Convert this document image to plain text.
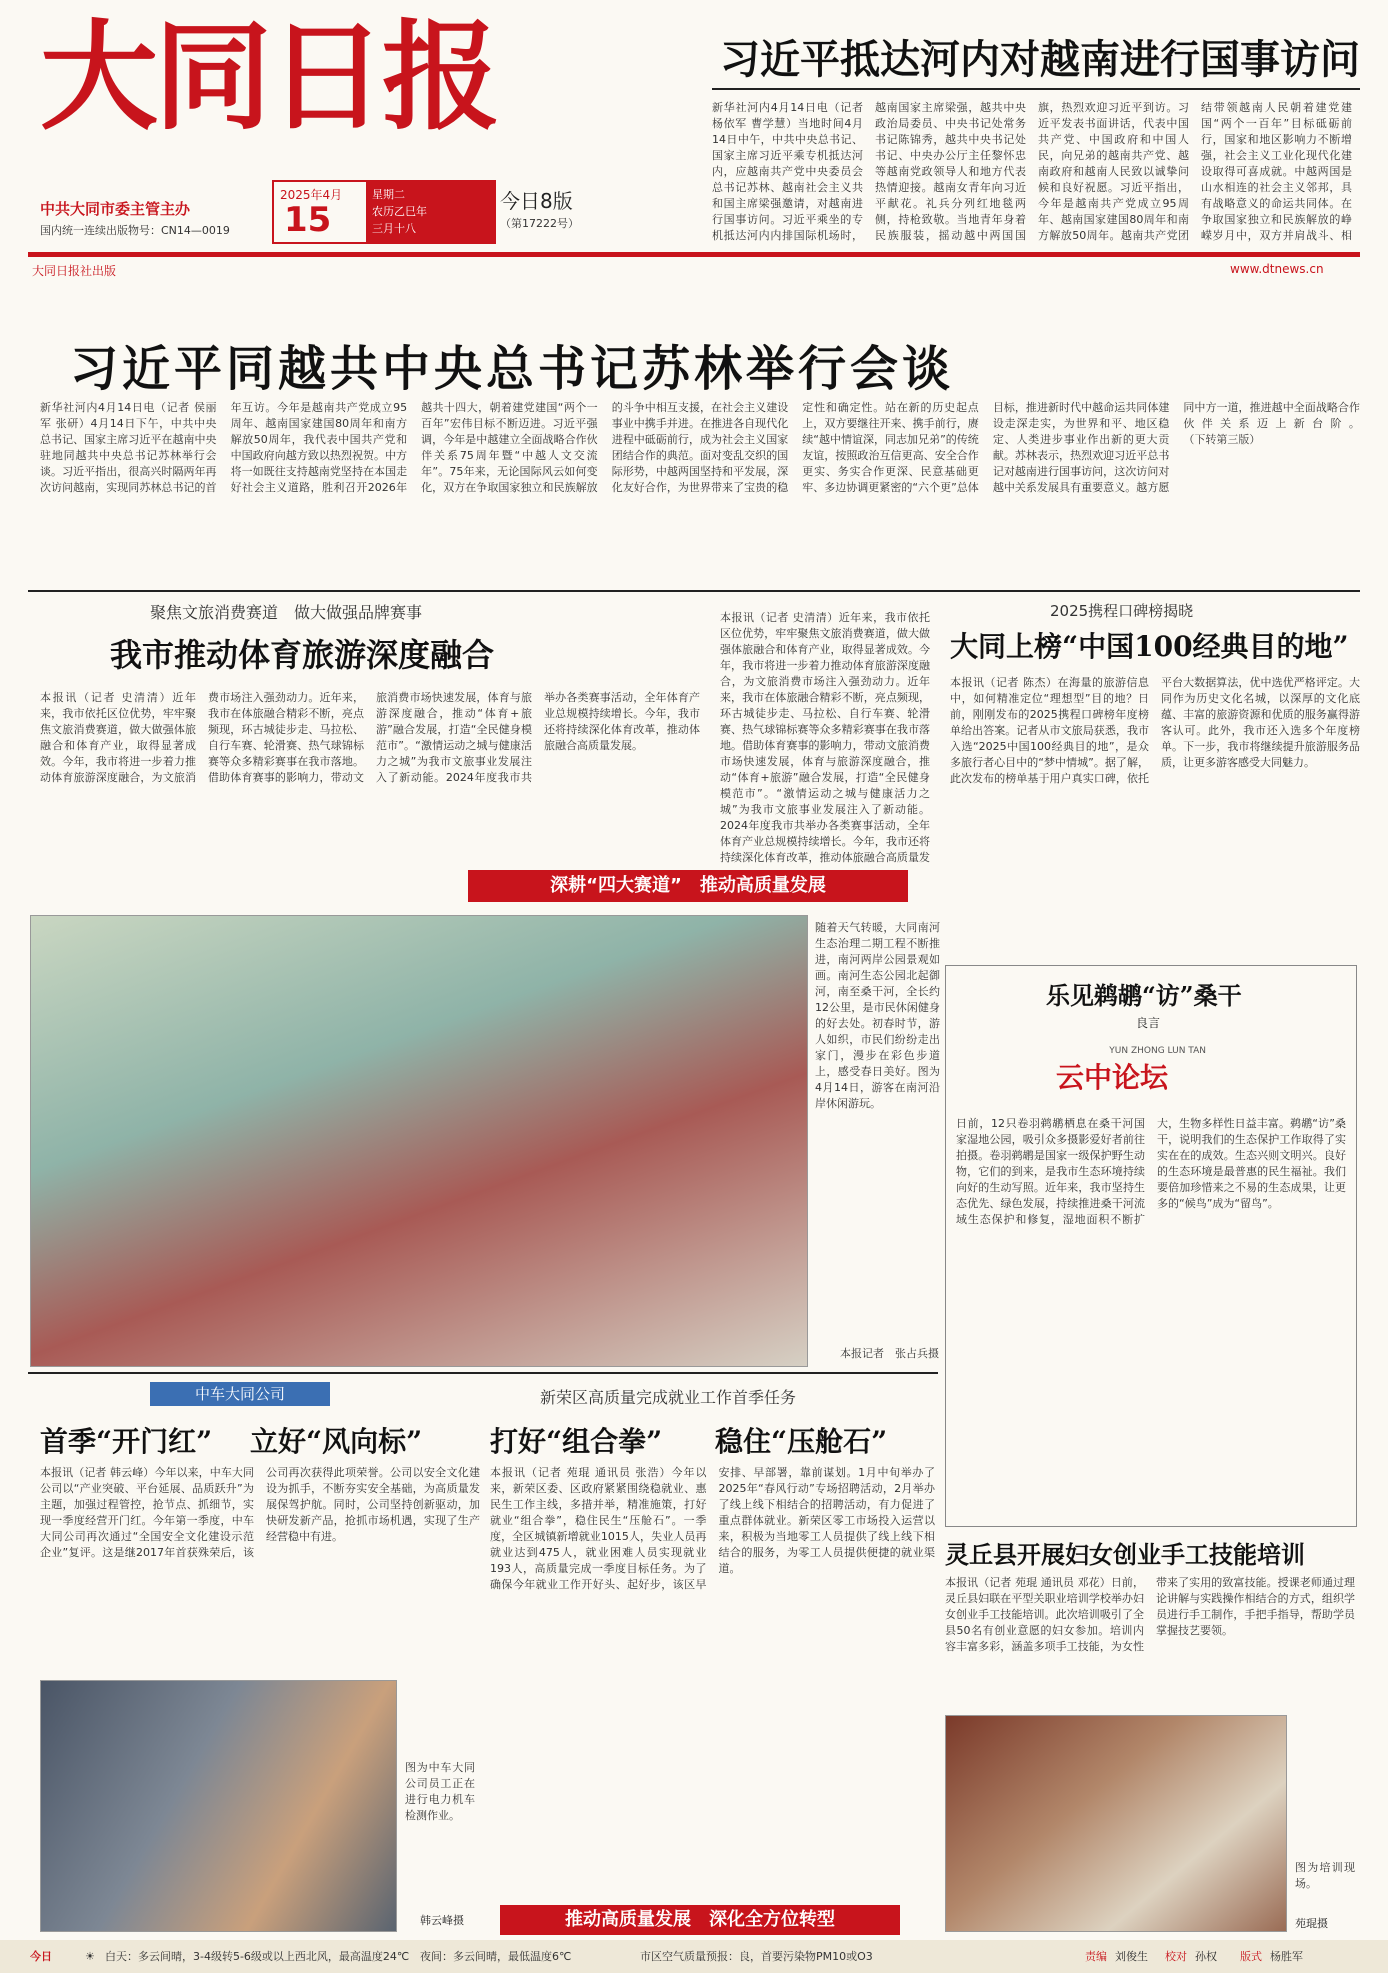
大同日报
中共大同市委主管主办
国内统一连续出版物号：CN14—0019
2025年4月
15
星期二
农历乙巳年
三月十八
今日8版
（第17222号）
习近平抵达河内对越南进行国事访问
新华社河内4月14日电（记者 杨依军 曹学慧）当地时间4月14日中午，中共中央总书记、国家主席习近平乘专机抵达河内，应越南共产党中央委员会总书记苏林、越南社会主义共和国主席梁强邀请，对越南进行国事访问。习近平乘坐的专机抵达河内内排国际机场时，越南国家主席梁强，越共中央政治局委员、中央书记处常务书记陈锦秀，越共中央书记处书记、中央办公厅主任黎怀忠等越南党政领导人和地方代表热情迎接。越南女青年向习近平献花。礼兵分列红地毯两侧，持枪致敬。当地青年身着民族服装，摇动越中两国国旗，热烈欢迎习近平到访。习近平发表书面讲话，代表中国共产党、中国政府和中国人民，向兄弟的越南共产党、越南政府和越南人民致以诚挚问候和良好祝愿。习近平指出，今年是越南共产党成立95周年、越南国家建国80周年和南方解放50周年。越南共产党团结带领越南人民朝着建党建国“两个一百年”目标砥砺前行，国家和地区影响力不断增强，社会主义工业化现代化建设取得可喜成就。中越两国是山水相连的社会主义邻邦，具有战略意义的命运共同体。在争取国家独立和民族解放的峥嵘岁月中，双方并肩战斗、相
大同日报社出版	www.dtnews.cn
习近平同越共中央总书记苏林举行会谈
新华社河内4月14日电（记者 侯丽军 张研）4月14日下午，中共中央总书记、国家主席习近平在越南中央驻地同越共中央总书记苏林举行会谈。习近平指出，很高兴时隔两年再次访问越南，实现同苏林总书记的首年互访。今年是越南共产党成立95周年、越南国家建国80周年和南方解放50周年，我代表中国共产党和中国政府向越方致以热烈祝贺。中方将一如既往支持越南党坚持在本国走好社会主义道路，胜利召开2026年越共十四大，朝着建党建国“两个一百年”宏伟目标不断迈进。习近平强调，今年是中越建立全面战略合作伙伴关系75周年暨“中越人文交流年”。75年来，无论国际风云如何变化，双方在争取国家独立和民族解放的斗争中相互支援，在社会主义建设事业中携手并进。在推进各自现代化进程中砥砺前行，成为社会主义国家团结合作的典范。面对变乱交织的国际形势，中越两国坚持和平发展，深化友好合作，为世界带来了宝贵的稳定性和确定性。站在新的历史起点上，双方要继往开来、携手前行，赓续“越中情谊深，同志加兄弟”的传统友谊，按照政治互信更高、安全合作更实、务实合作更深、民意基础更牢、多边协调更紧密的“六个更”总体目标，推进新时代中越命运共同体建设走深走实，为世界和平、地区稳定、人类进步事业作出新的更大贡献。苏林表示，热烈欢迎习近平总书记对越南进行国事访问，这次访问对越中关系发展具有重要意义。越方愿同中方一道，推进越中全面战略合作伙伴关系迈上新台阶。（下转第三版）
聚焦文旅消费赛道　做大做强品牌赛事
我市推动体育旅游深度融合
本报讯（记者 史清清）近年来，我市依托区位优势，牢牢聚焦文旅消费赛道，做大做强体旅融合和体育产业，取得显著成效。今年，我市将进一步着力推动体育旅游深度融合，为文旅消费市场注入强劲动力。近年来，我市在体旅融合精彩不断，亮点频现，环古城徒步走、马拉松、自行车赛、轮滑赛、热气球锦标赛等众多精彩赛事在我市落地。借助体育赛事的影响力，带动文旅消费市场快速发展，体育与旅游深度融合，推动“体育+旅游”融合发展，打造“全民健身模范市”。“激情运动之城与健康活力之城”为我市文旅事业发展注入了新动能。2024年度我市共举办各类赛事活动，全年体育产业总规模持续增长。今年，我市还将持续深化体育改革，推动体旅融合高质量发展。
深耕“四大赛道”　推动高质量发展
本报讯（记者 史清清）近年来，我市依托区位优势，牢牢聚焦文旅消费赛道，做大做强体旅融合和体育产业，取得显著成效。今年，我市将进一步着力推动体育旅游深度融合，为文旅消费市场注入强劲动力。近年来，我市在体旅融合精彩不断，亮点频现，环古城徒步走、马拉松、自行车赛、轮滑赛、热气球锦标赛等众多精彩赛事在我市落地。借助体育赛事的影响力，带动文旅消费市场快速发展，体育与旅游深度融合，推动“体育+旅游”融合发展，打造“全民健身模范市”。“激情运动之城与健康活力之城”为我市文旅事业发展注入了新动能。2024年度我市共举办各类赛事活动，全年体育产业总规模持续增长。今年，我市还将持续深化体育改革，推动体旅融合高质量发
2025携程口碑榜揭晓
大同上榜“中国100经典目的地”
本报讯（记者 陈杰）在海量的旅游信息中，如何精准定位“理想型”目的地？日前，刚刚发布的2025携程口碑榜年度榜单给出答案。记者从市文旅局获悉，我市入选“2025中国100经典目的地”，是众多旅行者心目中的“梦中情城”。据了解，此次发布的榜单基于用户真实口碑，依托平台大数据算法，优中选优严格评定。大同作为历史文化名城，以深厚的文化底蕴、丰富的旅游资源和优质的服务赢得游客认可。此外，我市还入选多个年度榜单。下一步，我市将继续提升旅游服务品质，让更多游客感受大同魅力。
随着天气转暖，大同南河生态治理二期工程不断推进，南河两岸公园景观如画。南河生态公园北起御河，南至桑干河，全长约12公里，是市民休闲健身的好去处。初春时节，游人如织，市民们纷纷走出家门，漫步在彩色步道上，感受春日美好。图为4月14日，游客在南河沿岸休闲游玩。
本报记者　张占兵摄
乐见鹈鹕“访”桑干
良言
YUN ZHONG LUN TAN
云中论坛
日前，12只卷羽鹈鹕栖息在桑干河国家湿地公园，吸引众多摄影爱好者前往拍摄。卷羽鹈鹕是国家一级保护野生动物，它们的到来，是我市生态环境持续向好的生动写照。近年来，我市坚持生态优先、绿色发展，持续推进桑干河流域生态保护和修复，湿地面积不断扩大，生物多样性日益丰富。鹈鹕“访”桑干，说明我们的生态保护工作取得了实实在在的成效。生态兴则文明兴。良好的生态环境是最普惠的民生福祉。我们要倍加珍惜来之不易的生态成果，让更多的“候鸟”成为“留鸟”。
灵丘县开展妇女创业手工技能培训
本报讯（记者 苑琨 通讯员 邓花）日前，灵丘县妇联在平型关职业培训学校举办妇女创业手工技能培训。此次培训吸引了全县50名有创业意愿的妇女参加。培训内容丰富多彩，涵盖多项手工技能，为女性带来了实用的致富技能。授课老师通过理论讲解与实践操作相结合的方式，组织学员进行手工制作，手把手指导，帮助学员掌握技艺要领。
图为培训现场。
苑琨摄
中车大同公司
首季“开门红” 立好“风向标”
本报讯（记者 韩云峰）今年以来，中车大同公司以“产业突破、平台延展、品质跃升”为主题，加强过程管控，抢节点、抓细节，实现一季度经营开门红。今年第一季度，中车大同公司再次通过“全国安全文化建设示范企业”复评。这是继2017年首获殊荣后，该公司再次获得此项荣誉。公司以安全文化建设为抓手，不断夯实安全基础，为高质量发展保驾护航。同时，公司坚持创新驱动，加快研发新产品，抢抓市场机遇，实现了生产经营稳中有进。
图为中车大同公司员工正在进行电力机车检测作业。
韩云峰摄
新荣区高质量完成就业工作首季任务
打好“组合拳” 稳住“压舱石”
本报讯（记者 苑琨 通讯员 张浩）今年以来，新荣区委、区政府紧紧围绕稳就业、惠民生工作主线，多措并举，精准施策，打好就业“组合拳”，稳住民生“压舱石”。一季度，全区城镇新增就业1015人，失业人员再就业达到475人，就业困难人员实现就业193人，高质量完成一季度目标任务。为了确保今年就业工作开好头、起好步，该区早安排、早部署，靠前谋划。1月中旬举办了2025年“春风行动”专场招聘活动，2月举办了线上线下相结合的招聘活动，有力促进了重点群体就业。新荣区零工市场投入运营以来，积极为当地零工人员提供了线上线下相结合的服务，为零工人员提供便捷的就业渠道。
推动高质量发展　深化全方位转型
今日	☀ 白天：多云间晴，3-4级转5-6级或以上西北风，最高温度24℃ 夜间：多云间晴，最低温度6℃	市区空气质量预报：良，首要污染物PM10或O3	责编 刘俊生 校对 孙权 版式 杨胜军
